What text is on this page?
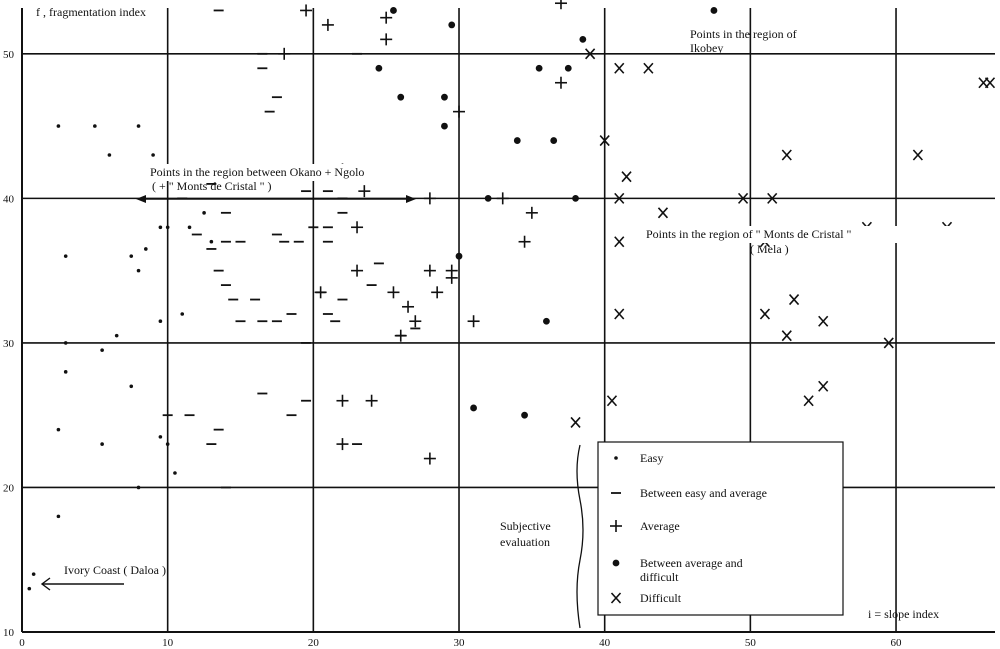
0	10	20	30	40	50	60
10
20
30
40
50
f , fragmentation index
i = slope index
Points in the region of Ikobey
Points in the region between Okano + Ngolo
( + " Monts de Cristal " )
Points in the region of " Monts de Cristal "
( Mela )
Ivory Coast ( Daloa )
Subjective
evaluation
Easy
Between easy and average
Average
Between average and difficult
Difficult
